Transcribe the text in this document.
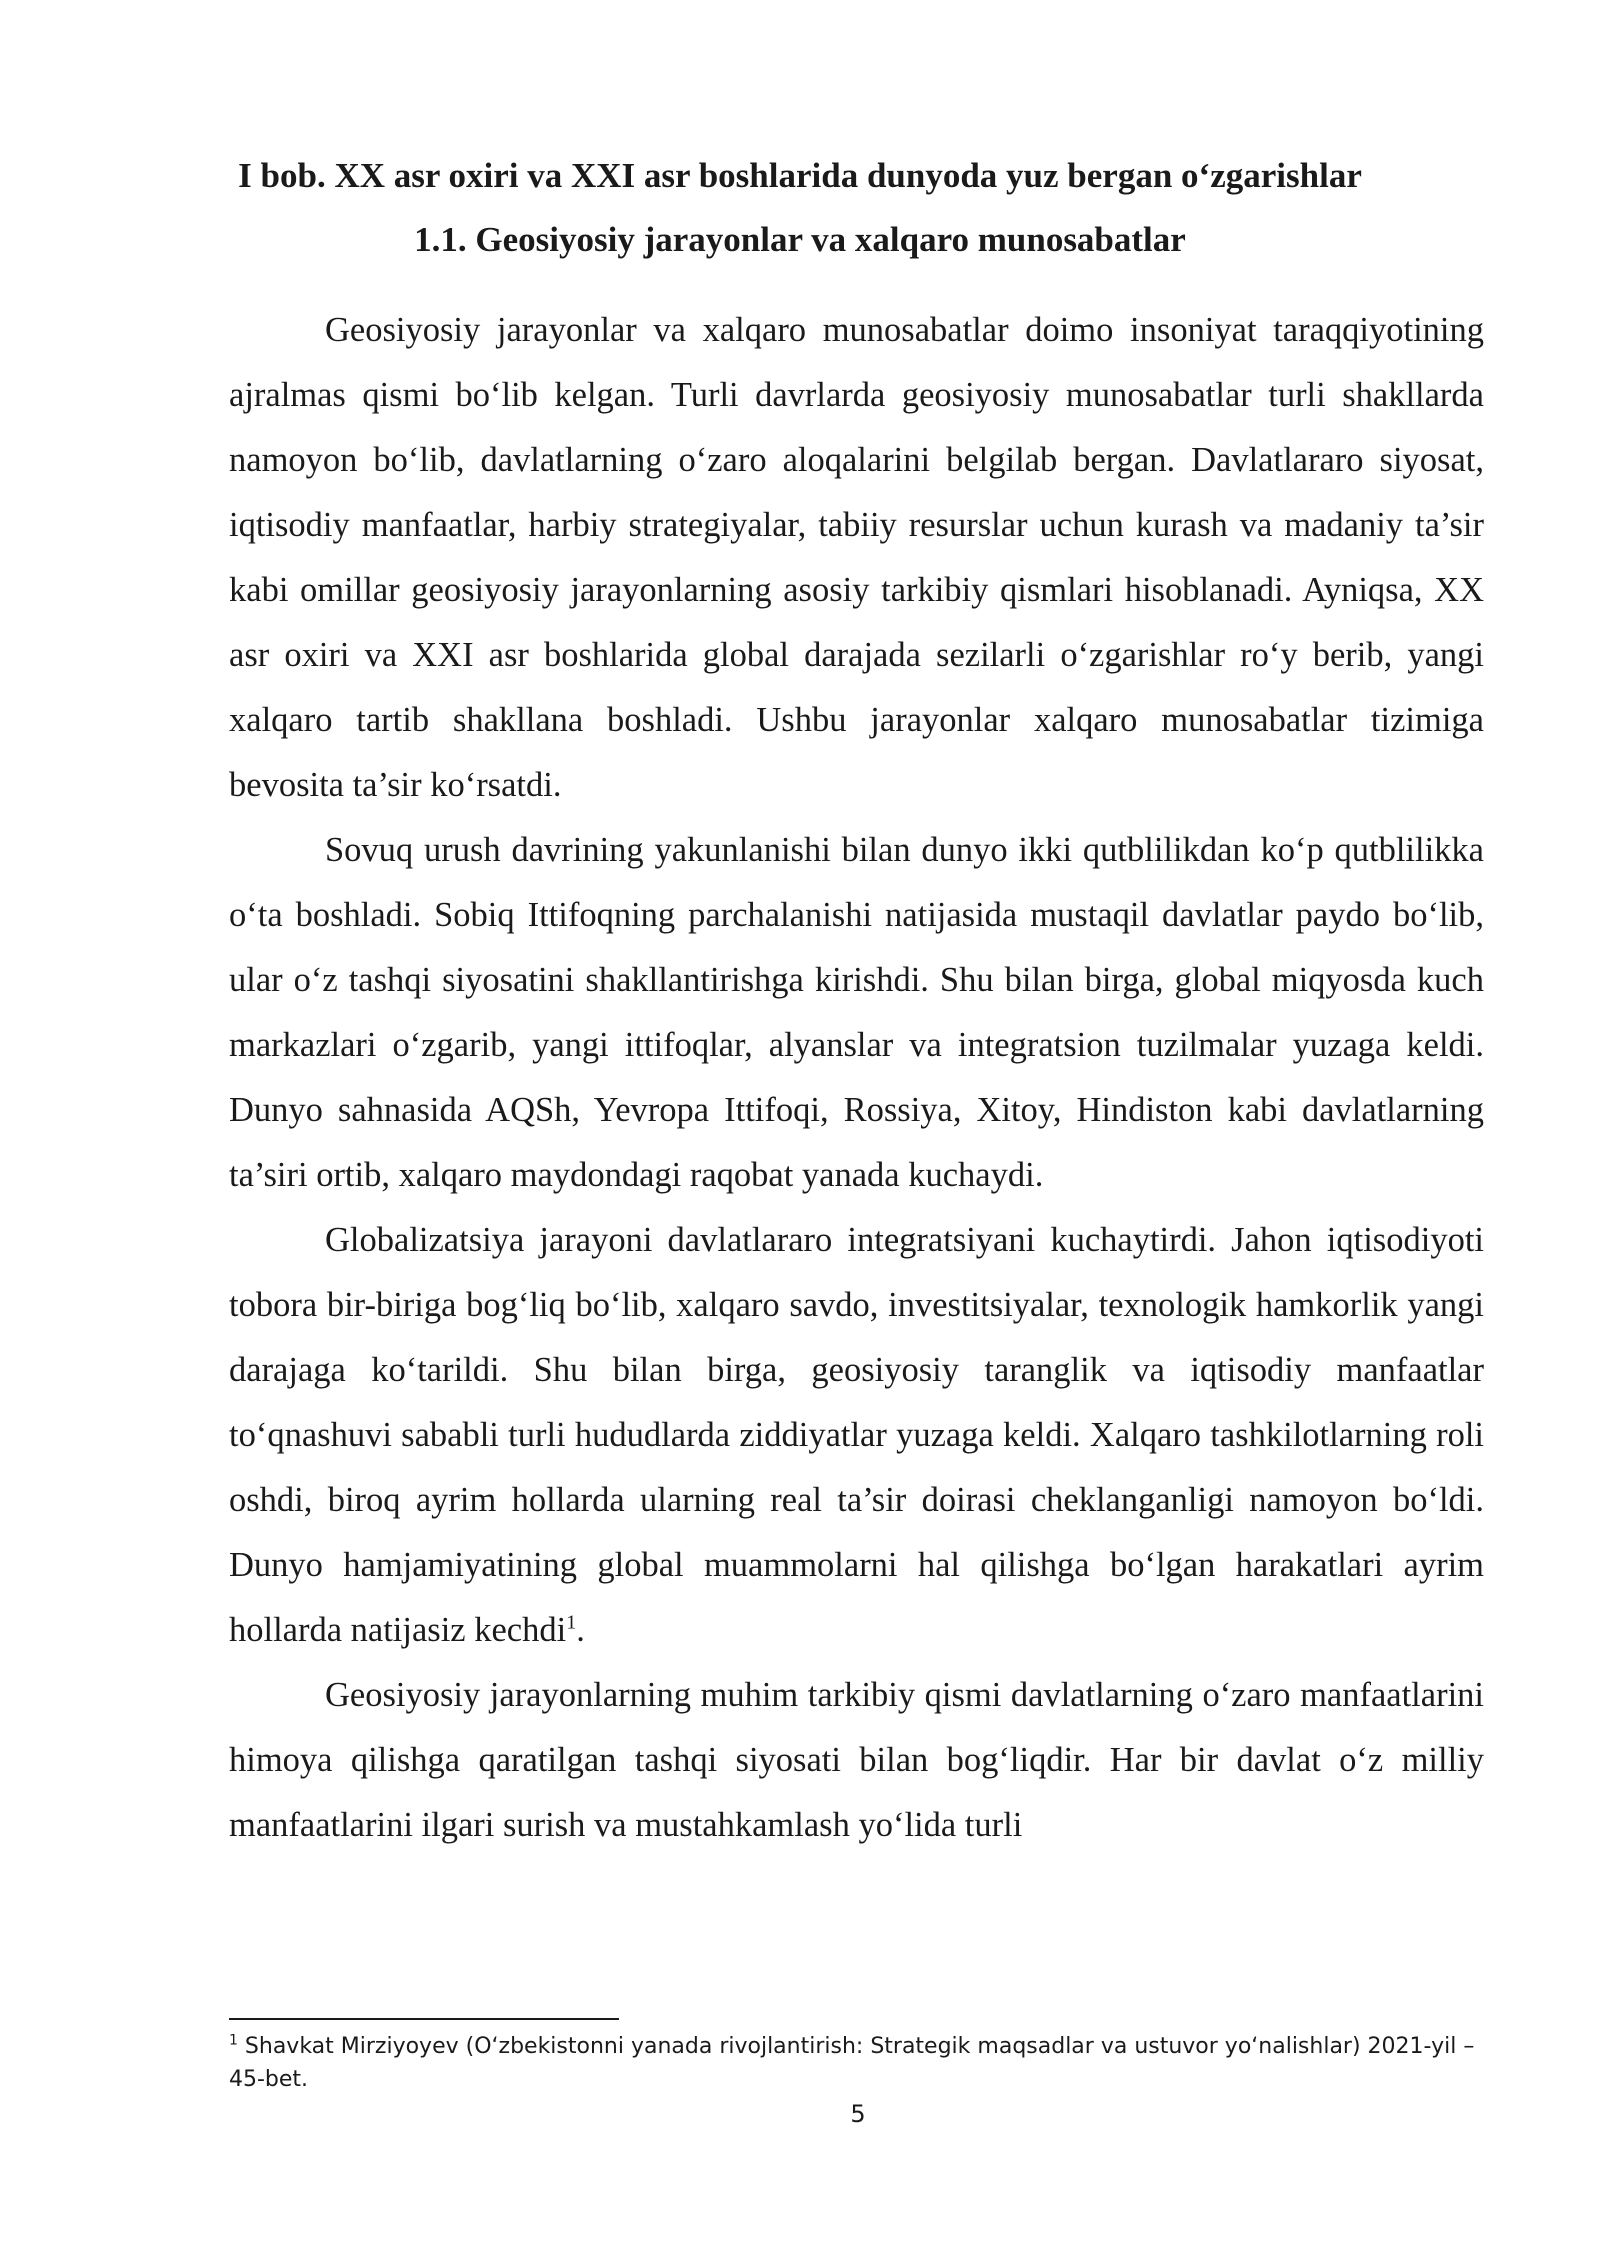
I bob. XX asr oxiri va XXI asr boshlarida dunyoda yuz bergan o‘zgarishlar
1.1. Geosiyosiy jarayonlar va xalqaro munosabatlar

Geosiyosiy jarayonlar va xalqaro munosabatlar doimo insoniyat taraqqiyotining ajralmas qismi bo‘lib kelgan. Turli davrlarda geosiyosiy munosabatlar turli shakllarda namoyon bo‘lib, davlatlarning o‘zaro aloqalarini belgilab bergan. Davlatlararo siyosat, iqtisodiy manfaatlar, harbiy strategiyalar, tabiiy resurslar uchun kurash va madaniy ta’sir kabi omillar geosiyosiy jarayonlarning asosiy tarkibiy qismlari hisoblanadi. Ayniqsa, XX asr oxiri va XXI asr boshlarida global darajada sezilarli o‘zgarishlar ro‘y berib, yangi xalqaro tartib shakllana boshladi. Ushbu jarayonlar xalqaro munosabatlar tizimiga bevosita ta’sir ko‘rsatdi.

Sovuq urush davrining yakunlanishi bilan dunyo ikki qutblilikdan ko‘p qutblilikka o‘ta boshladi. Sobiq Ittifoqning parchalanishi natijasida mustaqil davlatlar paydo bo‘lib, ular o‘z tashqi siyosatini shakllantirishga kirishdi. Shu bilan birga, global miqyosda kuch markazlari o‘zgarib, yangi ittifoqlar, alyanslar va integratsion tuzilmalar yuzaga keldi. Dunyo sahnasida AQSh, Yevropa Ittifoqi, Rossiya, Xitoy, Hindiston kabi davlatlarning ta’siri ortib, xalqaro maydondagi raqobat yanada kuchaydi.

Globalizatsiya jarayoni davlatlararo integratsiyani kuchaytirdi. Jahon iqtisodiyoti tobora bir-biriga bog‘liq bo‘lib, xalqaro savdo, investitsiyalar, texnologik hamkorlik yangi darajaga ko‘tarildi. Shu bilan birga, geosiyosiy taranglik va iqtisodiy manfaatlar to‘qnashuvi sababli turli hududlarda ziddiyatlar yuzaga keldi. Xalqaro tashkilotlarning roli oshdi, biroq ayrim hollarda ularning real ta’sir doirasi cheklanganligi namoyon bo‘ldi. Dunyo hamjamiyatining global muammolarni hal qilishga bo‘lgan harakatlari ayrim hollarda natijasiz kechdi$^1$.

Geosiyosiy jarayonlarning muhim tarkibiy qismi davlatlarning o‘zaro manfaatlarini himoya qilishga qaratilgan tashqi siyosati bilan bog‘liqdir. Har bir davlat o‘z milliy manfaatlarini ilgari surish va mustahkamlash yo‘lida turli

$^1$ Shavkat Mirziyoyev (O‘zbekistonni yanada rivojlantirish: Strategik maqsadlar va ustuvor yo‘nalishlar) 2021-yil – 45-bet.

5
